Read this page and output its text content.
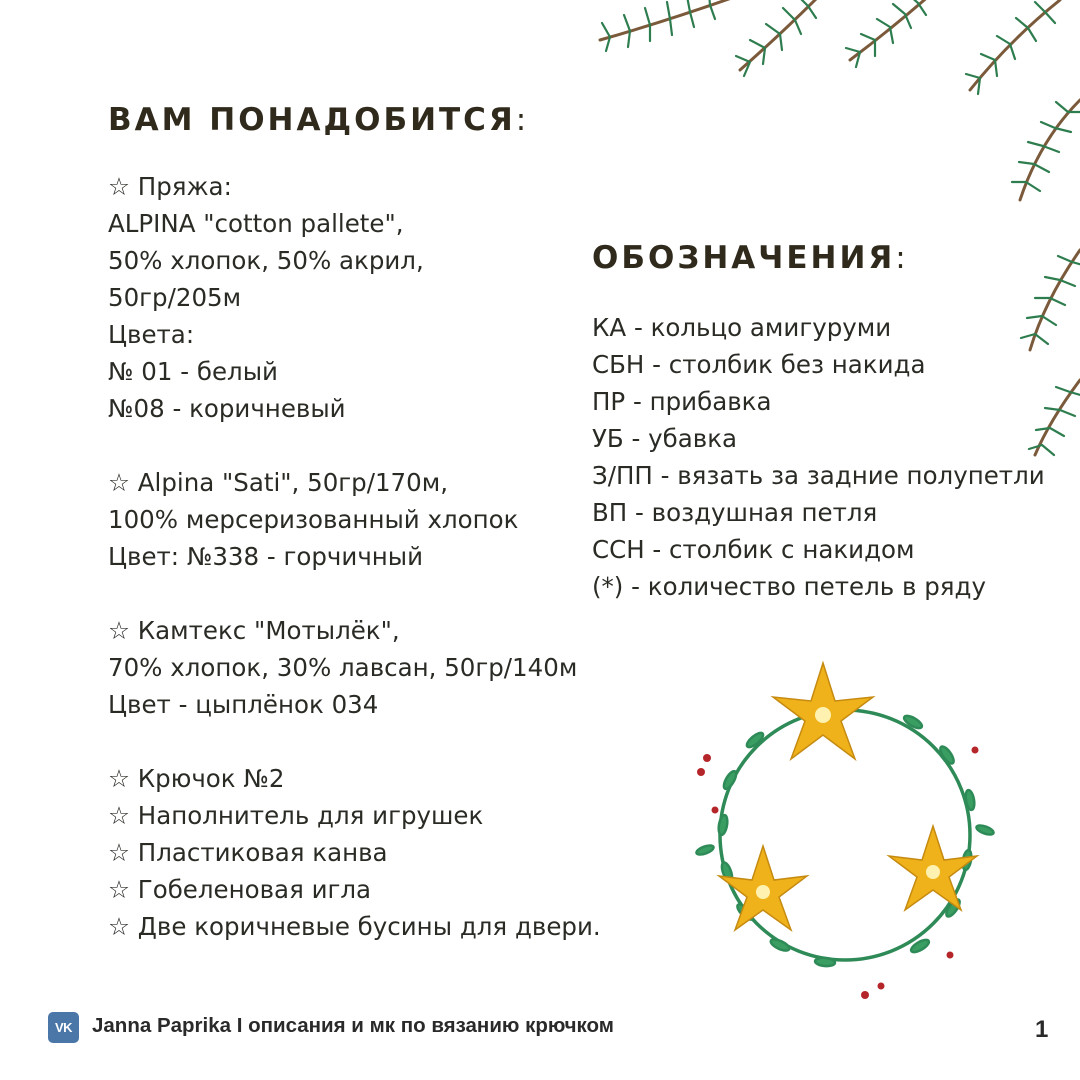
ВАМ ПОНАДОБИТСЯ:
☆ Пряжа:
ALPINA "cotton pallete",
50% хлопок, 50% акрил,
50гр/205м
Цвета:
№ 01 - белый
№08 - коричневый
☆ Alpina "Sati", 50гр/170м,
100% мерсеризованный хлопок
Цвет: №338 - горчичный
☆ Камтекс "Мотылёк",
70% хлопок, 30% лавсан, 50гр/140м
Цвет - цыплёнок 034
☆ Крючок №2
☆ Наполнитель для игрушек
☆ Пластиковая канва
☆ Гобеленовая игла
☆ Две коричневые бусины для двери.
ОБОЗНАЧЕНИЯ:
КА - кольцо амигуруми
СБН - столбик без накида
ПР - прибавка
УБ - убавка
З/ПП - вязать за задние полупетли
ВП - воздушная петля
ССН - столбик с накидом
(*) - количество петель в ряду
VK Janna Paprika I описания и мк по вязанию крючком	1
